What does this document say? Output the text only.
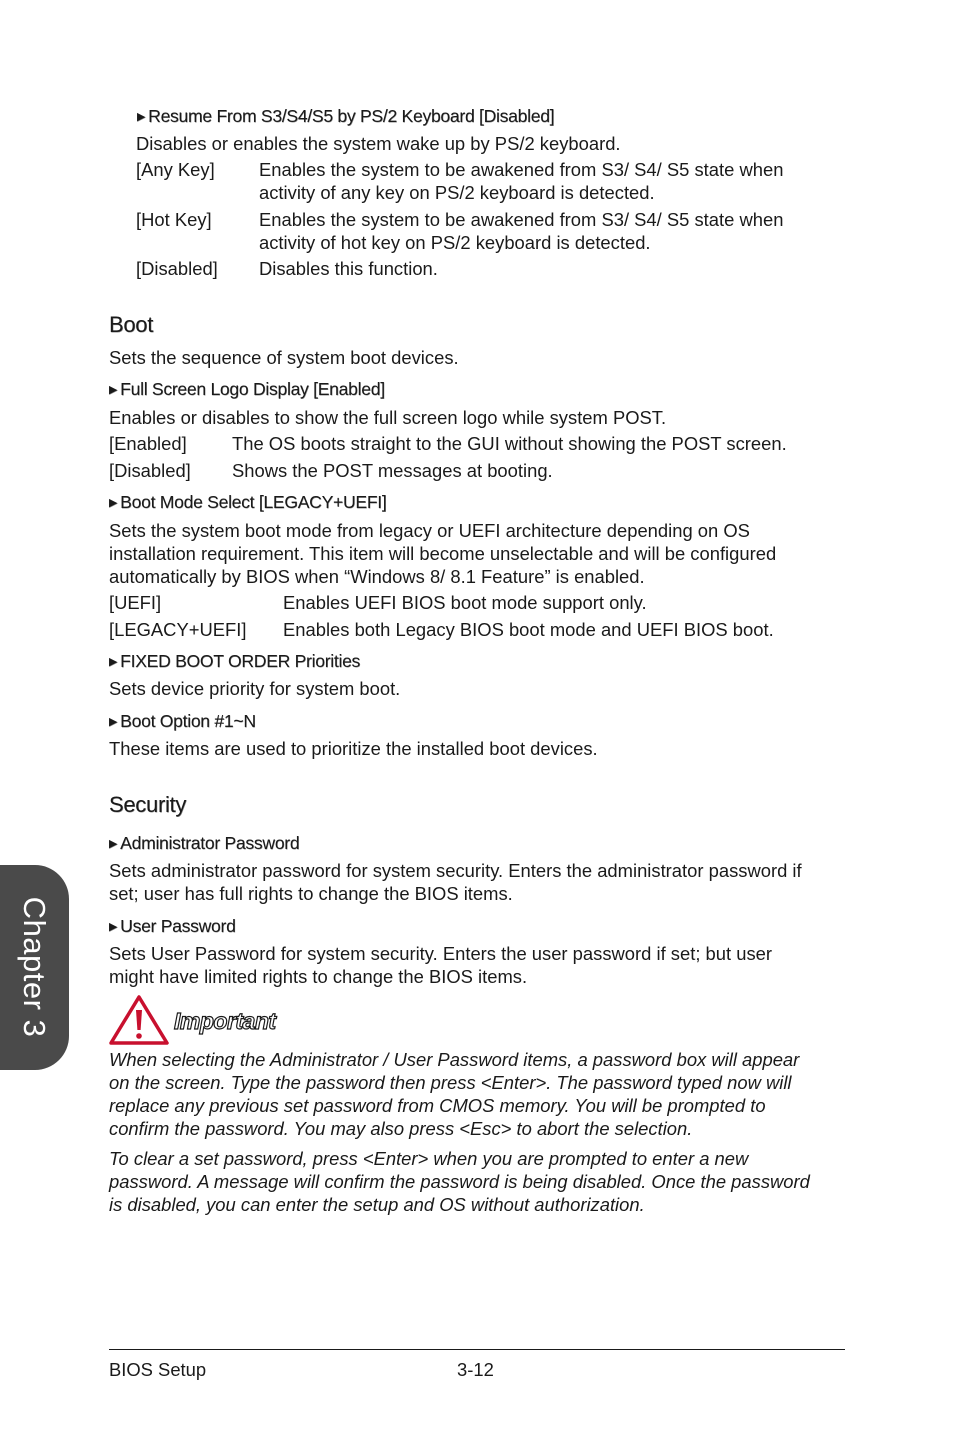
▶ Resume From S3/S4/S5 by PS/2 Keyboard [Disabled]
Disables or enables the system wake up by PS/2 keyboard.
[Any Key] Enables the system to be awakened from S3/ S4/ S5 state when
activity of any key on PS/2 keyboard is detected.
[Hot Key]	Enables the system to be awakened from S3/ S4/ S5 state when
activity of hot key on PS/2 keyboard is detected.
[Disabled] Disables this function.
Boot
Sets the sequence of system boot devices.
▶ Full Screen Logo Display [Enabled]
Enables or disables to show the full screen logo while system POST.
[Enabled] The OS boots straight to the GUI without showing the POST screen.
[Disabled] Shows the POST messages at booting.
▶ Boot Mode Select [LEGACY+UEFI]
Sets the system boot mode from legacy or UEFI architecture depending on OS
installation requirement. This item will become unselectable and will be configured
automatically by BIOS when “Windows 8/ 8.1 Feature” is enabled.
[UEFI]	Enables UEFI BIOS boot mode support only.
[LEGACY+UEFI] Enables both Legacy BIOS boot mode and UEFI BIOS boot.
▶ FIXED BOOT ORDER Priorities
Sets device priority for system boot.
▶ Boot Option #1~N
These items are used to prioritize the installed boot devices.
Security
▶ Administrator Password
Sets administrator password for system security. Enters the administrator password if
set; user has full rights to change the BIOS items.
▶ User Password
Sets User Password for system security. Enters the user password if set; but user
might have limited rights to change the BIOS items.
Important
When selecting the Administrator / User Password items, a password box will appear
on the screen. Type the password then press <Enter>. The password typed now will
replace any previous set password from CMOS memory. You will be prompted to
confirm the password. You may also press <Esc> to abort the selection.
To clear a set password, press <Enter> when you are prompted to enter a new
password. A message will confirm the password is being disabled. Once the password
is disabled, you can enter the setup and OS without authorization.
Chapter 3
BIOS Setup	3-12
